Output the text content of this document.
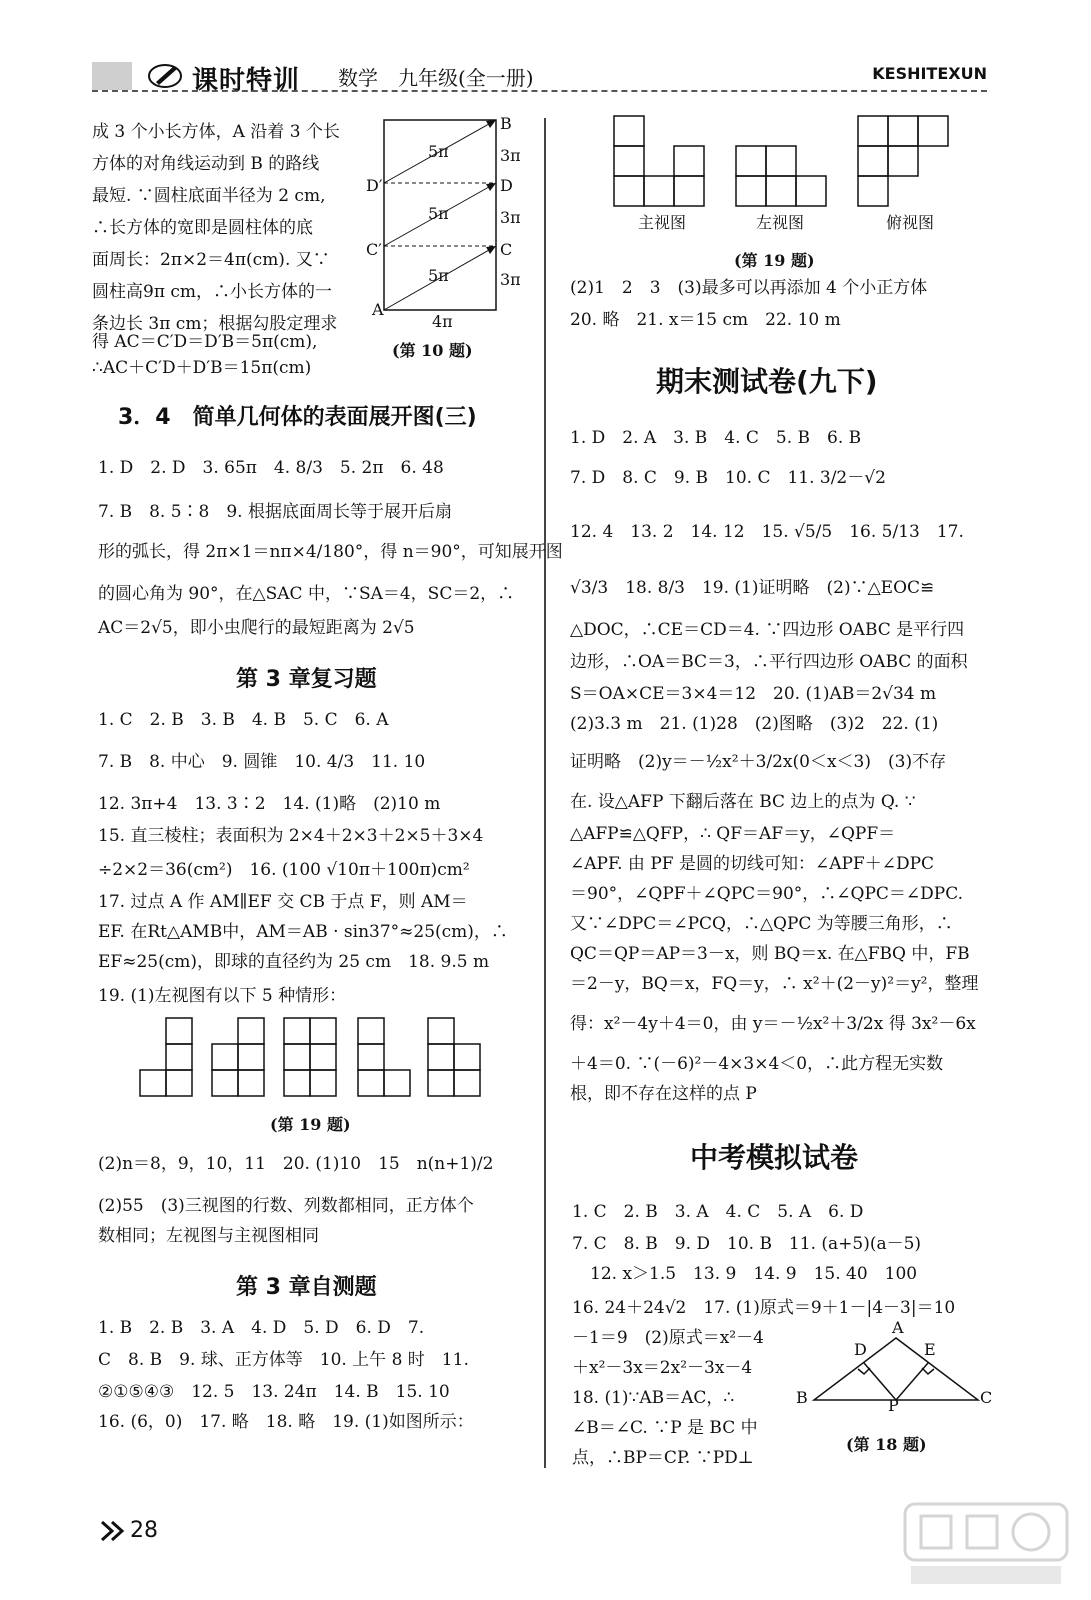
课时特训 数学　九年级(全一册)	KESHITEXUN
成 3 个小长方体，A 沿着 3 个长
方体的对角线运动到 B 的路线
最短. ∵圆柱底面半径为 2 cm,
∴长方体的宽即是圆柱体的底
面周长：2π×2＝4π(cm). 又∵
圆柱高9π cm，∴小长方体的一
条边长 3π cm；根据勾股定理求
得 AC＝C′D＝D′B＝5π(cm),
∴AC＋C′D＋D′B＝15π(cm)
B
D′	D
C′	C
A
5π
5π
5π
3π
3π
3π
4π
(第 10 题)
3．4　简单几何体的表面展开图(三)
1. D　2. D　3. 65π　4. 8/3　5. 2π　6. 48
7. B　8. 5∶8　9. 根据底面周长等于展开后扇
形的弧长，得 2π×1＝nπ×4/180°，得 n＝90°，可知展开图
的圆心角为 90°，在△SAC 中，∵SA＝4，SC＝2，∴
AC＝2√5，即小虫爬行的最短距离为 2√5
第 3 章复习题
1. C　2. B　3. B　4. B　5. C　6. A
7. B　8. 中心　9. 圆锥　10. 4/3　11. 10
12. 3π+4　13. 3∶2　14. (1)略　(2)10 m
15. 直三棱柱；表面积为 2×4＋2×3＋2×5＋3×4
÷2×2＝36(cm²)　16. (100 √10π＋100π)cm²
17. 过点 A 作 AM∥EF 交 CB 于点 F，则 AM＝
EF. 在Rt△AMB中，AM＝AB · sin37°≈25(cm)，∴
EF≈25(cm)，即球的直径约为 25 cm　18. 9.5 m
19. (1)左视图有以下 5 种情形：
(第 19 题)
(2)n＝8，9，10，11　20. (1)10　15　n(n+1)/2
(2)55　(3)三视图的行数、列数都相同，正方体个
数相同；左视图与主视图相同
第 3 章自测题
1. B　2. B　3. A　4. D　5. D　6. D　7.
C　8. B　9. 球、正方体等　10. 上午 8 时　11.
②①⑤④③　12. 5　13. 24π　14. B　15. 10
16. (6，0)　17. 略　18. 略　19. (1)如图所示：
主视图	左视图	俯视图
(第 19 题)
(2)1　2　3　(3)最多可以再添加 4 个小正方体
20. 略　21. x＝15 cm　22. 10 m
期末测试卷(九下)
1. D　2. A　3. B　4. C　5. B　6. B
7. D　8. C　9. B　10. C　11. 3/2－√2
12. 4　13. 2　14. 12　15. √5/5　16. 5/13　17.
√3/3　18. 8/3　19. (1)证明略　(2)∵△EOC≌
△DOC，∴CE＝CD＝4. ∵四边形 OABC 是平行四
边形，∴OA＝BC＝3，∴平行四边形 OABC 的面积
S＝OA×CE＝3×4＝12　20. (1)AB＝2√34 m
(2)3.3 m　21. (1)28　(2)图略　(3)2　22. (1)
证明略　(2)y＝－½x²＋3/2x(0＜x＜3)　(3)不存
在. 设△AFP 下翻后落在 BC 边上的点为 Q. ∵
△AFP≌△QFP，∴ QF＝AF＝y，∠QPF＝
∠APF. 由 PF 是圆的切线可知：∠APF＋∠DPC
＝90°，∠QPF＋∠QPC＝90°，∴∠QPC＝∠DPC.
又∵∠DPC＝∠PCQ，∴△QPC 为等腰三角形，∴
QC＝QP＝AP＝3－x，则 BQ＝x. 在△FBQ 中，FB
＝2－y，BQ＝x，FQ＝y，∴ x²＋(2－y)²＝y²，整理
得：x²－4y＋4＝0，由 y＝－½x²＋3/2x 得 3x²－6x
＋4＝0. ∵(－6)²－4×3×4＜0，∴此方程无实数
根，即不存在这样的点 P
中考模拟试卷
1. C　2. B　3. A　4. C　5. A　6. D
7. C　8. B　9. D　10. B　11. (a+5)(a－5)
12. x＞1.5　13. 9　14. 9　15. 40　100
16. 24＋24√2　17. (1)原式＝9＋1－|4－3|＝10
－1＝9　(2)原式＝x²－4
＋x²－3x＝2x²－3x－4
18. (1)∵AB＝AC，∴
∠B＝∠C. ∵P 是 BC 中
点，∴BP＝CP. ∵PD⊥
A
D	E
B	P	C
(第 18 题)
28
